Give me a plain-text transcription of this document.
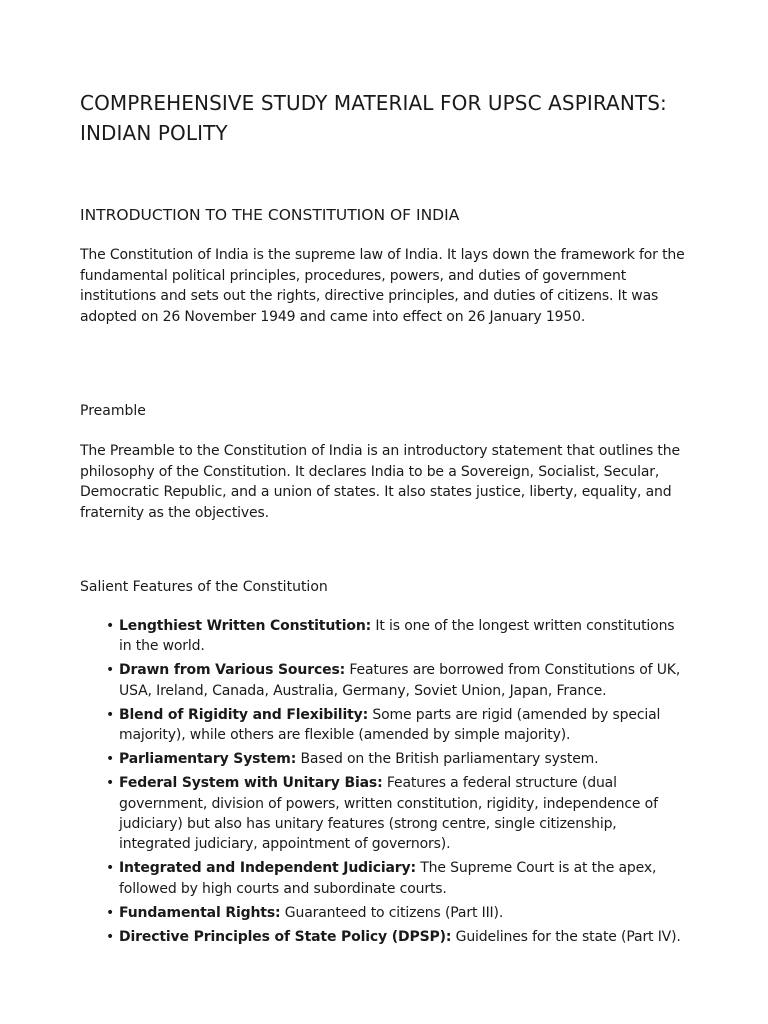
COMPREHENSIVE STUDY MATERIAL FOR UPSC ASPIRANTS: INDIAN POLITY
INTRODUCTION TO THE CONSTITUTION OF INDIA

The Constitution of India is the supreme law of India. It lays down the framework for the fundamental political principles, procedures, powers, and duties of government institutions and sets out the rights, directive principles, and duties of citizens. It was adopted on 26 November 1949 and came into effect on 26 January 1950.

Preamble

The Preamble to the Constitution of India is an introductory statement that outlines the philosophy of the Constitution. It declares India to be a Sovereign, Socialist, Secular, Democratic Republic, and a union of states. It also states justice, liberty, equality, and fraternity as the objectives.

Salient Features of the Constitution
• Lengthiest Written Constitution: It is one of the longest written constitutions in the world.
• Drawn from Various Sources: Features are borrowed from Constitutions of UK, USA, Ireland, Canada, Australia, Germany, Soviet Union, Japan, France.
• Blend of Rigidity and Flexibility: Some parts are rigid (amended by special majority), while others are flexible (amended by simple majority).
• Parliamentary System: Based on the British parliamentary system.
• Federal System with Unitary Bias: Features a federal structure (dual government, division of powers, written constitution, rigidity, independence of judiciary) but also has unitary features (strong centre, single citizenship, integrated judiciary, appointment of governors).
• Integrated and Independent Judiciary: The Supreme Court is at the apex, followed by high courts and subordinate courts.
• Fundamental Rights: Guaranteed to citizens (Part III).
• Directive Principles of State Policy (DPSP): Guidelines for the state (Part IV).
